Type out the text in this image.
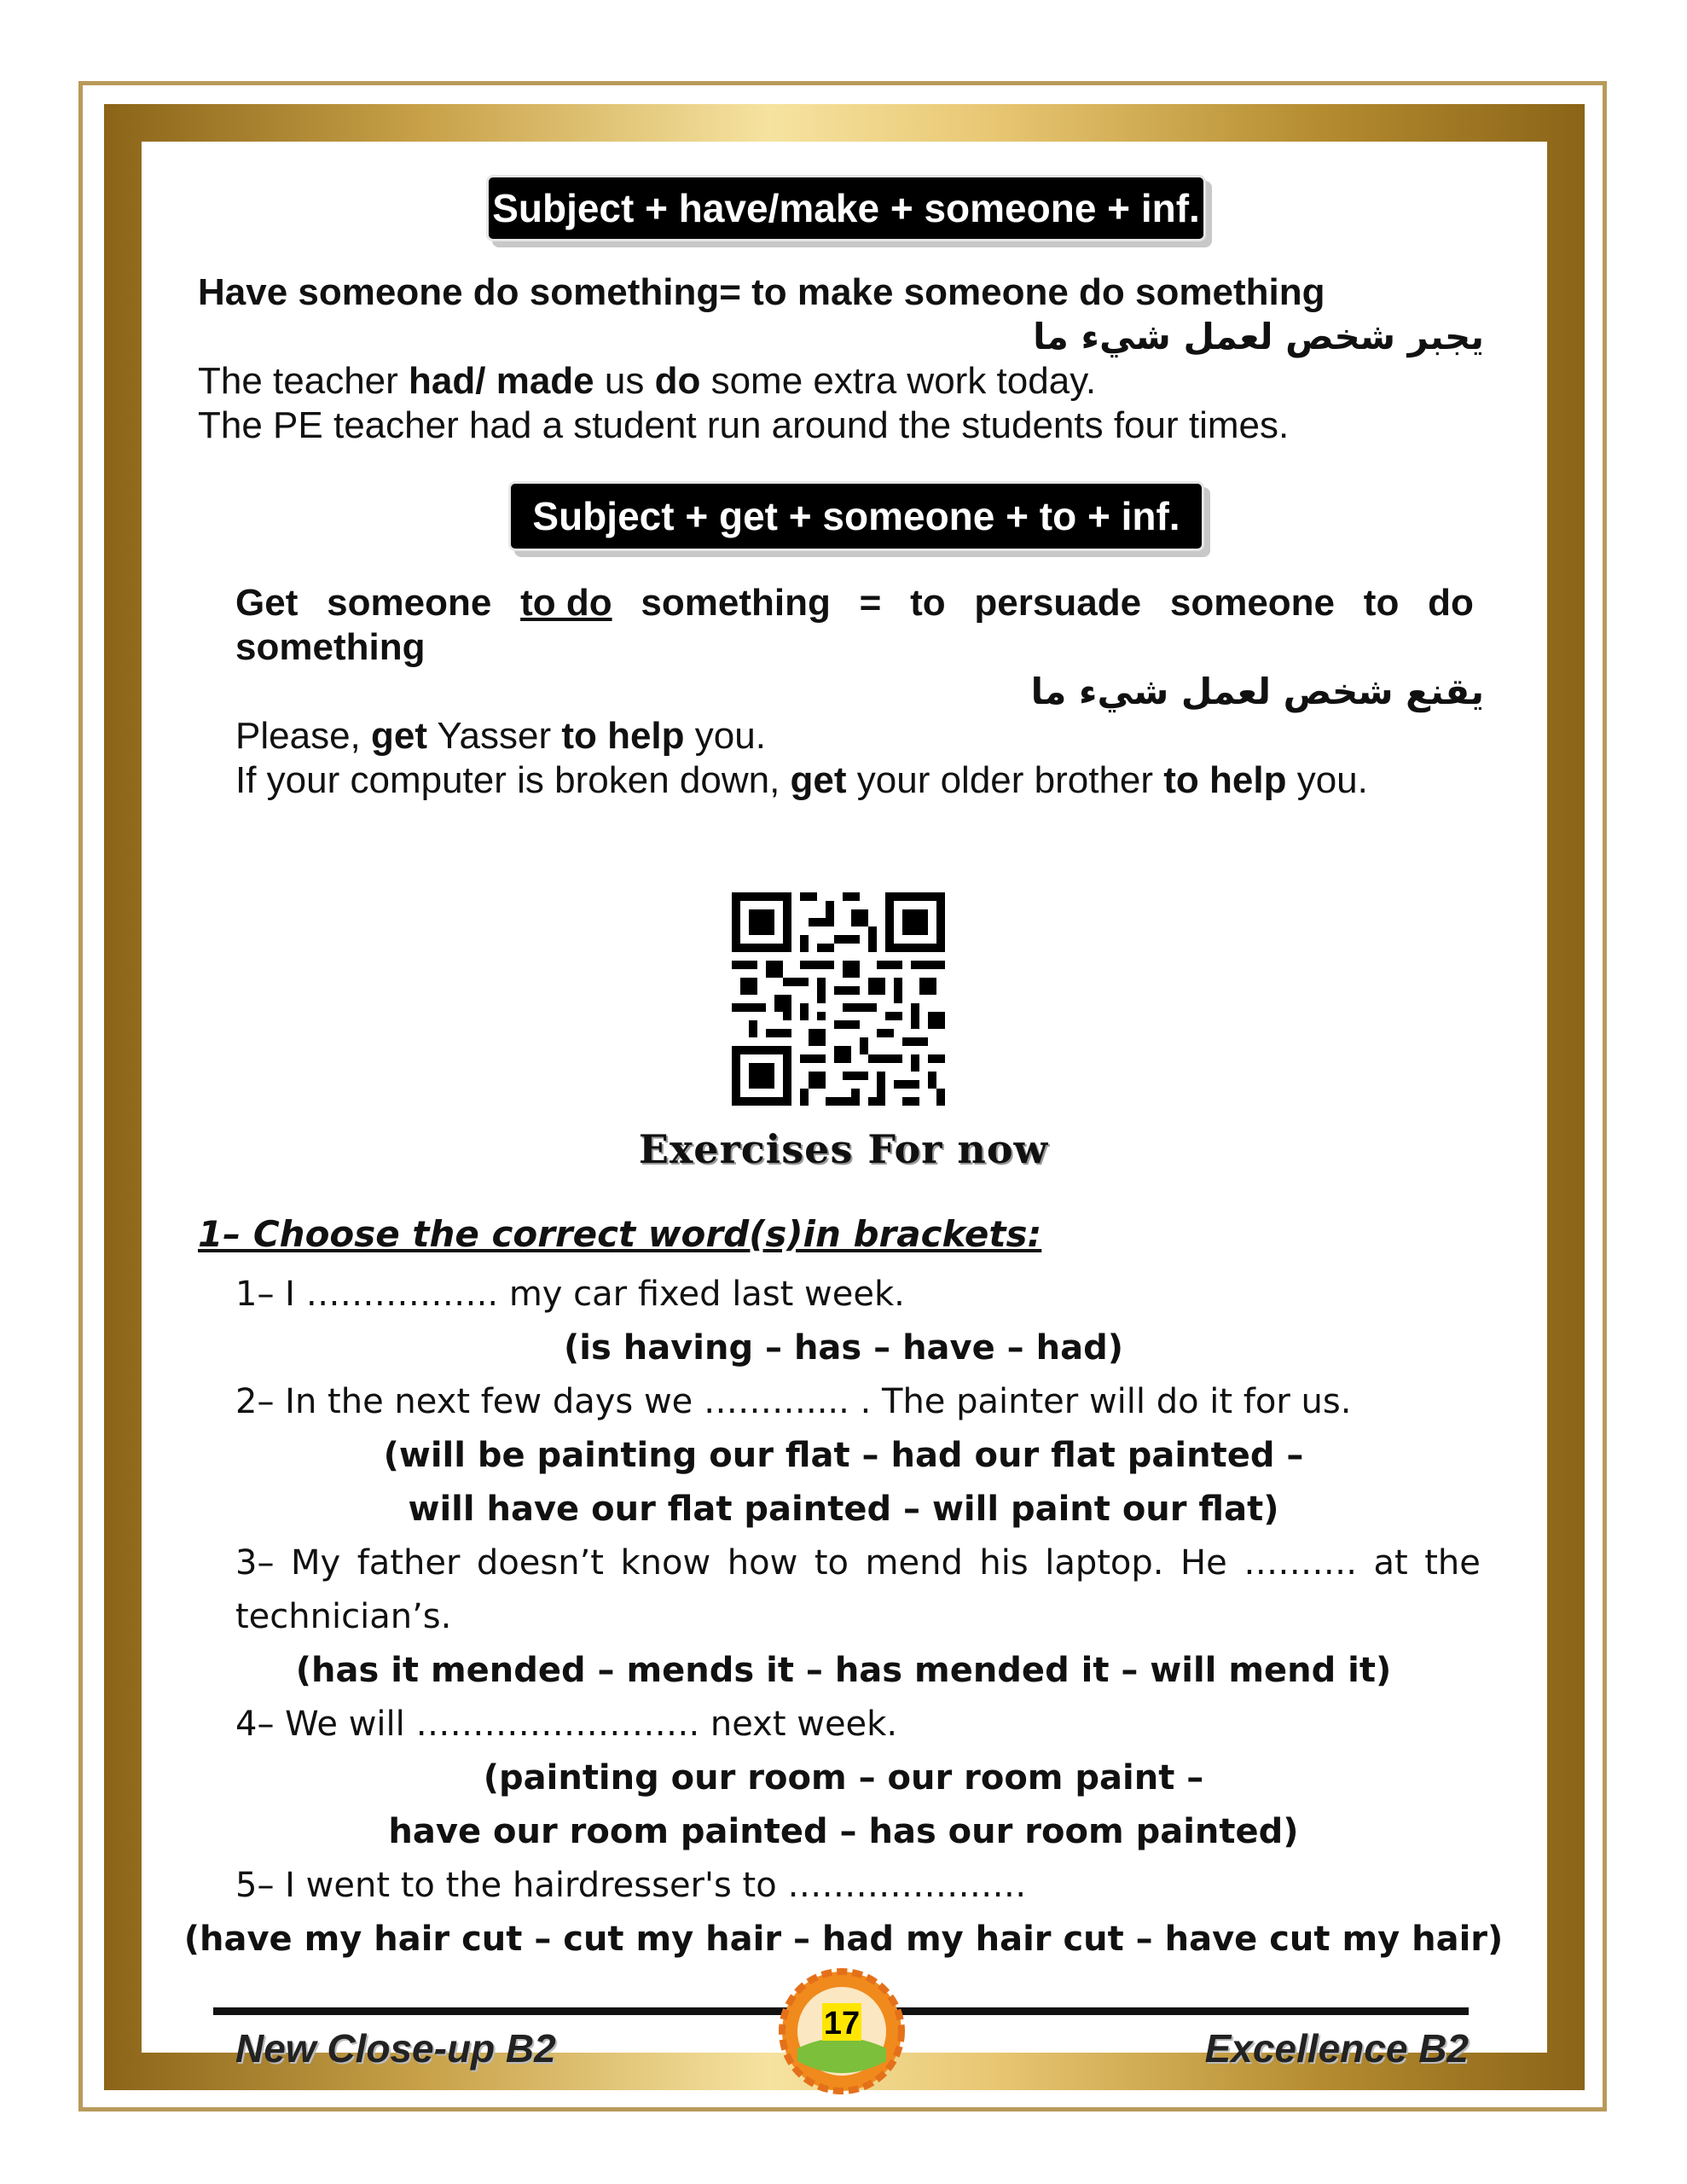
Subject + have/make + someone + inf.
Have someone do something= to make someone do something
يجبر شخص لعمل شيء ما
The teacher had/ made us do some extra work today.
The PE teacher had a student run around the students four times.
Subject + get + someone + to + inf.
Get someone to do something = to persuade someone to do
something
يقنع شخص لعمل شيء ما
Please, get Yasser to help you.
If your computer is broken down, get your older brother to help you.
Exercises For now
1– Choose the correct word(s)in brackets:
1– I …………….. my car fixed last week.
(is having – has – have – had)
2– In the next few days we ……….... . The painter will do it for us.
(will be painting our flat – had our flat painted –
will have our flat painted – will paint our flat)
3– My father doesn’t know how to mend his laptop. He ………. at the
technician’s.
(has it mended – mends it – has mended it – will mend it)
4– We will ……………………. next week.
(painting our room – our room paint –
have our room painted – has our room painted)
5– I went to the hairdresser's to …………………
(have my hair cut – cut my hair – had my hair cut – have cut my hair)
New Close-up B2	Excellence B2
17
